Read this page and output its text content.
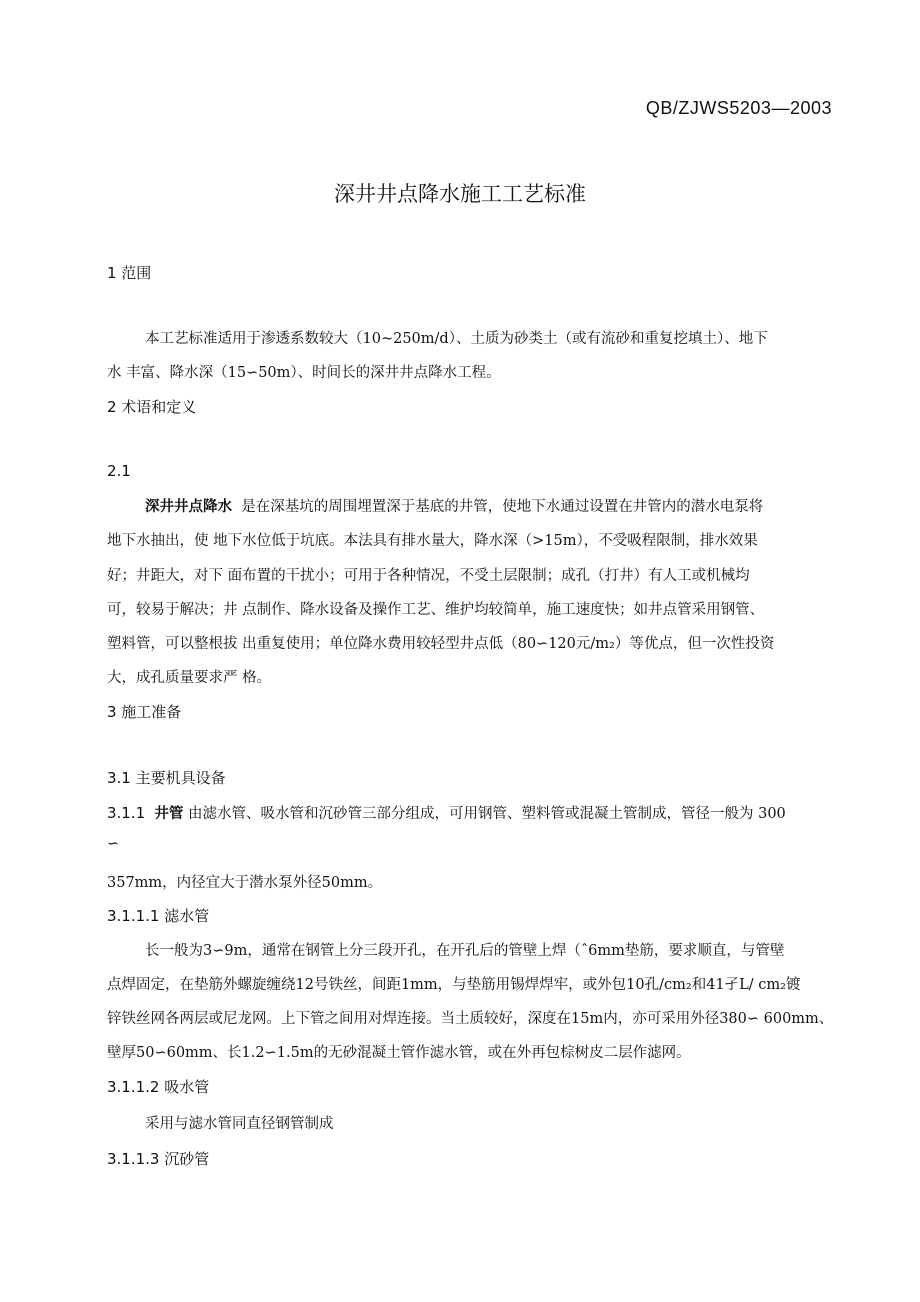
QB/ZJWS5203—2003
深井井点降水施工工艺标准
1 范围
本工艺标准适用于渗透系数较大（10~250m/d）、土质为砂类土（或有流砂和重复挖填土）、地下
水 丰富、降水深（15∽50m）、时间长的深井井点降水工程。
2 术语和定义
2.1
深井井点降水 是在深基坑的周围埋置深于基底的井管，使地下水通过设置在井管内的潜水电泵将
地下水抽出，使 地下水位低于坑底。本法具有排水量大，降水深（>15m），不受吸程限制，排水效果
好；井距大，对下 面布置的干扰小；可用于各种情况，不受土层限制；成孔（打井）有人工或机械均
可，较易于解决；井 点制作、降水设备及操作工艺、维护均较简单，施工速度快；如井点管采用钢管、
塑料管，可以整根拔 出重复使用；单位降水费用较轻型井点低（80∽120元/m₂）等优点，但一次性投资
大，成孔质量要求严 格。
3 施工准备
3.1 主要机具设备
3.1.1 井管 由滤水管、吸水管和沉砂管三部分组成，可用钢管、塑料管或混凝土管制成，管径一般为 300
∽
357mm，内径宜大于潜水泵外径50mm。
3.1.1.1 滤水管
长一般为3∽9m，通常在钢管上分三段开孔，在开孔后的管壁上焊（ˆ6mm垫筋，要求顺直，与管壁
点焊固定，在垫筋外螺旋缠绕12号铁丝，间距1mm，与垫筋用锡焊焊牢，或外包10孔/cm₂和41孑L/ cm₂镀
锌铁丝网各两层或尼龙网。上下管之间用对焊连接。当土质较好，深度在15m内，亦可采用外径380∽ 600mm、
壁厚50∽60mm、长1.2∽1.5m的无砂混凝土管作滤水管，或在外再包棕树皮二层作滤网。
3.1.1.2 吸水管
采用与滤水管同直径钢管制成
3.1.1.3 沉砂管
